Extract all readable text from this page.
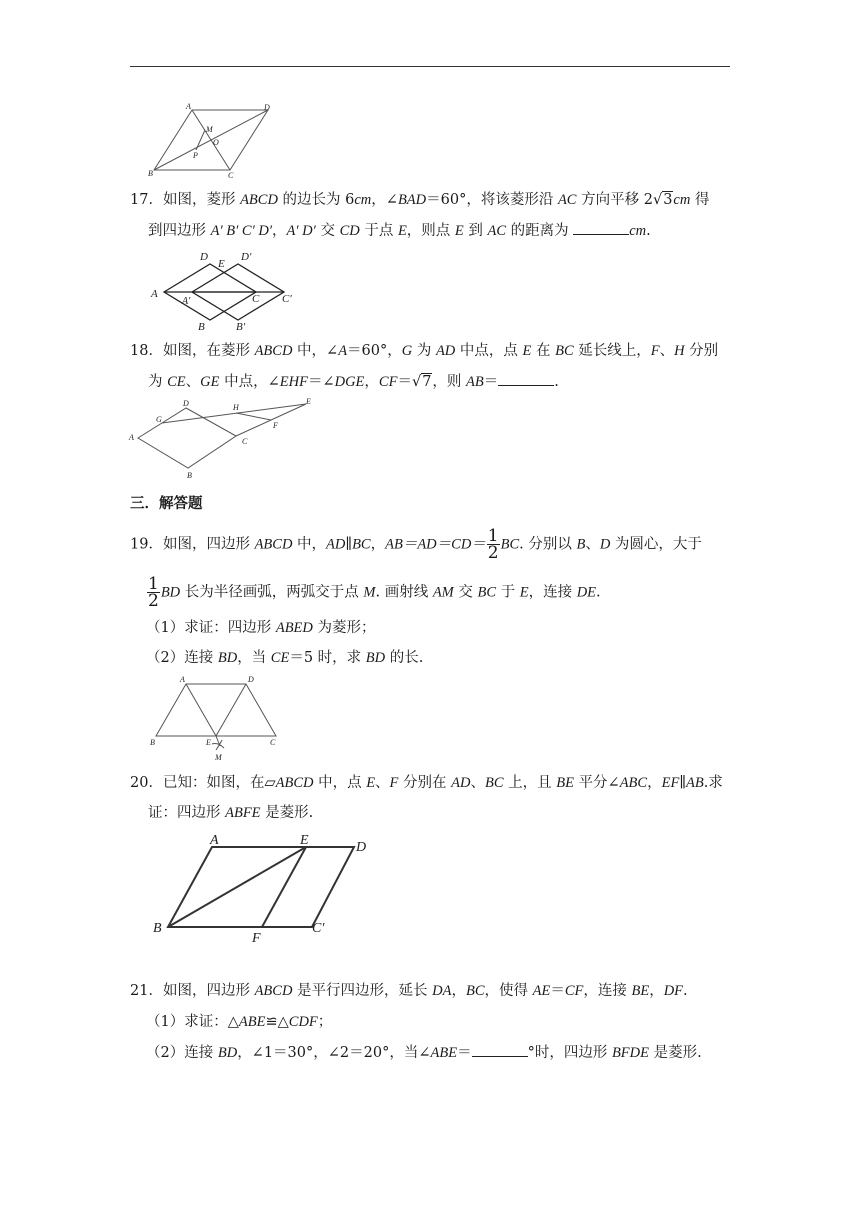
A	D
M
O
P
B	C
17．如图，菱形 ABCD 的边长为 6cm，∠BAD＝60°，将该菱形沿 AC 方向平移 2√3cm 得
到四边形 A′ B′ C′ D′，A′ D′ 交 CD 于点 E，则点 E 到 AC 的距离为	cm.
D
E
D′
A
A′	C C′
B	B′
18．如图，在菱形 ABCD 中，∠A＝60°，G 为 AD 中点，点 E 在 BC 延长线上，F、H 分别
为 CE、GE 中点，∠EHF＝∠DGE，CF＝√7，则 AB＝	.
D	H
E
G
A
F
C
B
三．解答题
19．如图，四边形 ABCD 中，AD∥BC，$AB=AD=CD= \frac{1}{2}$ BC. 分别以 B、D 为圆心，大于
$\frac{1}{2}$ BD 长为半径画弧，两弧交于点 M. 画射线 AM 交 BC 于 E，连接 DE.
（1）求证：四边形 ABED 为菱形；
（2）连接 BD，当 CE＝5 时，求 BD 的长.
A	D
B	E	C
M
20．已知：如图，在▱ABCD 中，点 E、F 分别在 AD、BC 上，且 BE 平分∠ABC，EF∥AB.求
证：四边形 ABFE 是菱形.
A	E	D
B
F
C′
21．如图，四边形 ABCD 是平行四边形，延长 DA，BC，使得 AE＝CF，连接 BE，DF.
（1）求证：△ABE≌△CDF；
（2）连接 BD，∠1＝30°，∠2＝20°，当∠ABE＝	°时，四边形 BFDE 是菱形.
